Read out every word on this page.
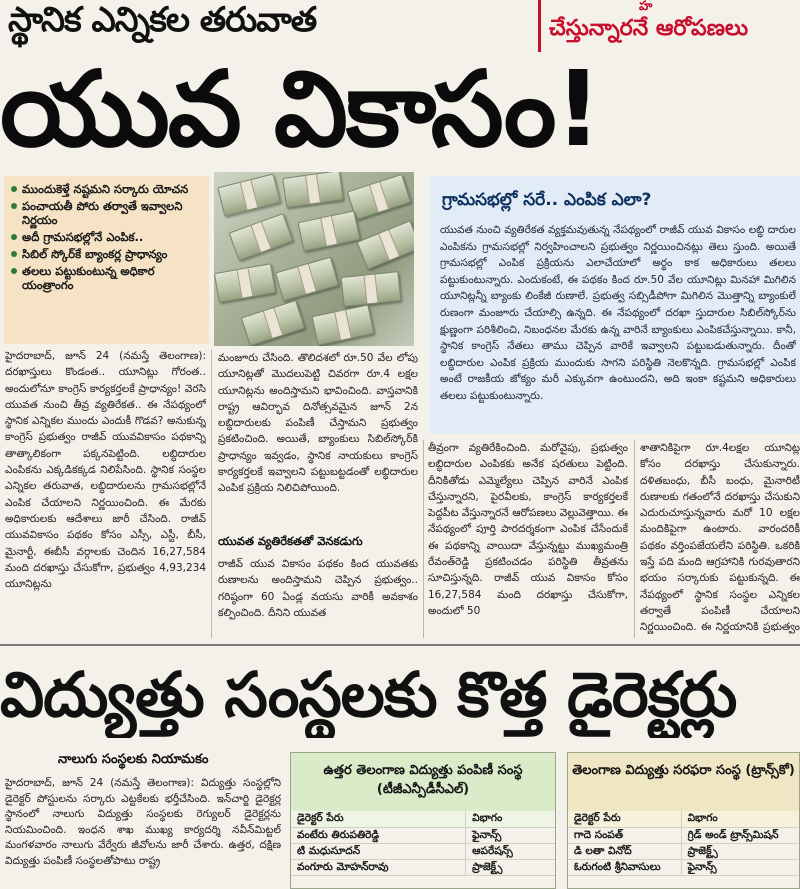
స్థానిక ఎన్నికల తరువాత	హ
చేస్తున్నారనే ఆరోపణలు
యువ వికాసం!
ముందుకెళ్తే నష్టమని సర్కారు యోచన
పంచాయతీ పోరు తర్వాతే ఇవ్వాలని నిర్ణయం
అదీ గ్రామసభల్లోనే ఎంపిక..
సిబిల్ స్కోర్‌కే బ్యాంకర్ల ప్రాధాన్యం
తలలు పట్టుకుంటున్న అధికార యంత్రాంగం
గ్రామసభల్లో సరే.. ఎంపిక ఎలా?
యువత నుంచి వ్యతిరేకత వ్యక్తమవుతున్న నేపథ్యంలో రాజీవ్ యువ వికాసం లబ్ధి దారుల ఎంపికను గ్రామసభల్లో నిర్వహించాలని ప్రభుత్వం నిర్ణయించినట్లు తెలు స్తుంది. అయితే గ్రామసభల్లో ఎంపిక ప్రక్రియను ఎలాచేయాలో అర్థం కాక అధికారులు తలలు పట్టుకుంటున్నారు. ఎందుకంటే, ఈ పథకం కింద రూ.50 వేల యూనిట్లు మినహా మిగిలిన యూనిట్లన్నీ బ్యాంకు లింకేజీ రుణాలే. ప్రభుత్వ సబ్సిడీపోగా మిగిలిన మొత్తాన్ని బ్యాంకులే రుణంగా మంజూరు చేయాల్సి ఉన్నది. ఈ నేపథ్యంలో దరఖా స్తుదారుల సిబిల్‌స్కోర్‌ను క్షుణ్ణంగా పరిశీలించి, నిబంధనల మేరకు ఉన్న వారినే బ్యాంకులు ఎంపికచేస్తున్నాయి. కానీ, స్థానిక కాంగ్రెస్ నేతలు తాము చెప్పిన వారికే ఇవ్వాలని పట్టుబడుతున్నారు. దీంతో లబ్ధిదారుల ఎంపిక ప్రక్రియ ముందుకు సాగని పరిస్థితి నెలకొన్నది. గ్రామసభల్లో ఎంపిక అంటే రాజకీయ జోక్యం మరీ ఎక్కువగా ఉంటుందని, అది ఇంకా కష్టమని అధికారులు తలలు పట్టుకుంటున్నారు.
హైదరాబాద్, జూన్ 24 (నమస్తే తెలంగాణ): దరఖాస్తులు కొండంత.. యూనిట్లు గోరంత.. అందులోనూ కాంగ్రెస్ కార్యకర్తలకే ప్రాధాన్యం! వెరసి యువత నుంచి తీవ్ర వ్యతిరేకత.. ఈ నేపథ్యంలో స్థానిక ఎన్నికల ముందు ఎందుకీ గొడవ? అనుకున్న కాంగ్రెస్ ప్రభుత్వం రాజీవ్ యువవికాసం పథకాన్ని తాత్కాలికంగా పక్కనపెట్టింది. లబ్ధిదారుల ఎంపికను ఎక్కడికక్కడ నిలిపేసింది. స్థానిక సంస్థల ఎన్నికల తరువాత, లబ్ధిదారులను గ్రామసభల్లోనే ఎంపిక చేయాలని నిర్ణయించింది. ఈ మేరకు అధికారులకు ఆదేశాలు జారీ చేసింది. రాజీవ్ యువవికాసం పథకం కోసం ఎస్సీ, ఎస్టీ, బీసీ, మైనార్టీ, ఈబీసీ వర్గాలకు చెందిన 16,27,584 మంది దరఖాస్తు చేసుకోగా, ప్రభుత్వం 4,93,234 యూనిట్లను
మంజూరు చేసింది. తొలిదశలో రూ.50 వేల లోపు యూనిట్లతో మొదలుపెట్టి చివరగా రూ.4 లక్షల యూనిట్లను అందిస్తామని భావించింది. వాస్తవానికి రాష్ట్ర ఆవిర్భావ దినోత్సవమైన జూన్ 2న లబ్ధిదారులకు పంపిణీ చేస్తామని ప్రభుత్వం ప్రకటించింది. అయితే, బ్యాంకులు సిబిల్‌స్కోర్‌కి ప్రాధాన్యం ఇవ్వడం, స్థానిక నాయకులు కాంగ్రెస్ కార్యకర్తలకే ఇవ్వాలని పట్టుబట్టడంతో లబ్ధిదారుల ఎంపిక ప్రక్రియ నిలిచిపోయింది.
యువత వ్యతిరేకతతో వెనకడుగు
రాజీవ్ యువ వికాసం పథకం కింద యువతకు రుణాలను అందిస్తామని చెప్పిన ప్రభుత్వం.. గరిష్ఠంగా 60 ఏండ్ల వయసు వారికీ అవకాశం కల్పించింది. దీనిని యువత
తీవ్రంగా వ్యతిరేకించింది. మరోవైపు, ప్రభుత్వం లబ్ధిదారుల ఎంపికకు అనేక షరతులు పెట్టింది. దీనికితోడు ఎమ్మెల్యేలు చెప్పిన వారినే ఎంపిక చేస్తున్నారని, పైరవీలకు, కాంగ్రెస్ కార్యకర్తలకే పెద్దపీట వేస్తున్నారనే ఆరోపణలు వెల్లువెత్తాయి. ఈ నేపథ్యంలో పూర్తి పారదర్శకంగా ఎంపిక చేసేందుకే ఈ పథకాన్ని వాయిదా వేస్తున్నట్టు ముఖ్యమంత్రి రేవంత్‌రెడ్డి ప్రకటించడం పరిస్థితి తీవ్రతను సూచిస్తున్నది. రాజీవ్ యువ వికాసం కోసం 16,27,584 మంది దరఖాస్తు చేసుకోగా, అందులో 50
శాతానికిపైగా రూ.4లక్షల యూనిట్ల కోసం దరఖాస్తు చేసుకున్నారు. దళితబంధు, బీసీ బంధు, మైనారిటీ రుణాలకు గతంలోనే దరఖాస్తు చేసుకుని ఎదురుచూస్తున్నవారు మరో 10 లక్షల మందికిపైగా ఉంటారు. వారందరికీ పథకం వర్తింపజేయలేని పరిస్థితి. ఒకరికి ఇస్తే పది మంది ఆగ్రహానికి గురవుతారని భయం సర్కారుకు పట్టుకున్నది. ఈ నేపథ్యంలో స్థానిక సంస్థల ఎన్నికల తర్వాతే పంపిణీ చేయాలని నిర్ణయించింది. ఈ నిర్ణయానికి ప్రభుత్వం
విద్యుత్తు సంస్థలకు కొత్త డైరెక్టర్లు
నాలుగు సంస్థలకు నియామకం
హైదరాబాద్, జూన్ 24 (నమస్తే తెలంగాణ): విద్యుత్తు సంస్థల్లోని డైరెక్టర్ పోస్టులను సర్కారు ఎట్టకేలకు భర్తీచేసింది. ఇన్‌చార్జి డైరెక్టర్ల స్థానంలో నాలుగు విద్యుత్తు సంస్థలకు రెగ్యులర్ డైరెక్టర్లను నియమించింది. ఇంధన శాఖ ముఖ్య కార్యదర్శి నవీన్‌మిట్టల్ మంగళవారం నాలుగు వేర్వేరు జీవోలను జారీ చేశారు. ఉత్తర, దక్షిణ విద్యుత్తు పంపిణీ సంస్థలతోపాటు రాష్ట్ర
ఉత్తర తెలంగాణ విద్యుత్తు పంపిణీ సంస్థ (టీజీఎన్పీడీసీఎల్)
డైరెక్టర్ పేరు	విభాగం
వంటేరు తిరుపతిరెడ్డి	ఫైనాన్స్
టి మధుసూదన్	ఆపరేషన్స్
వంగూరు మోహన్‌రావు	ప్రాజెక్ట్స్
తెలంగాణ విద్యుత్తు సరఫరా సంస్థ (ట్రాన్స్‌కో)
డైరెక్టర్ పేరు	విభాగం
గాదె సంపత్	గ్రిడ్ అండ్ ట్రాన్స్‌మిషన్
డి లతా వినోద్	ప్రాజెక్ట్స్
ఓరుగంటి శ్రీనివాసులు	ఫైనాన్స్
